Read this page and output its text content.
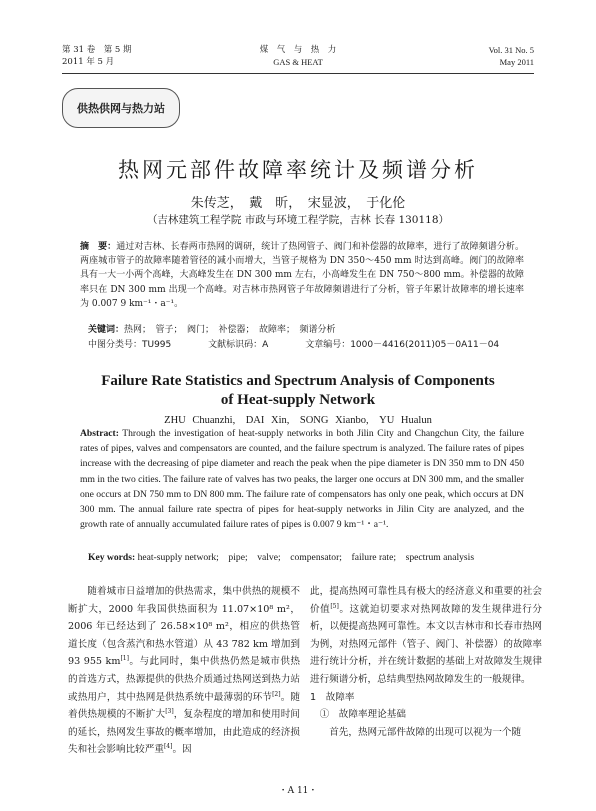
第 31 卷　第 5 期
2011 年 5 月
煤　气　与　热　力
GAS & HEAT
Vol. 31 No. 5
May 2011
供热供网与热力站
热网元部件故障率统计及频谱分析
朱传芝，　戴　昕，　宋显波，　于化伦
（吉林建筑工程学院 市政与环境工程学院，吉林 长春 130118）
摘　要：通过对吉林、长春两市热网的调研，统计了热网管子、阀门和补偿器的故障率，进行了故障频谱分析。两座城市管子的故障率随着管径的减小而增大，当管子规格为 DN 350～450 mm 时达到高峰。阀门的故障率具有一大一小两个高峰，大高峰发生在 DN 300 mm 左右，小高峰发生在 DN 750～800 mm。补偿器的故障率只在 DN 300 mm 出现一个高峰。对吉林市热网管子年故障频谱进行了分析，管子年累计故障率的增长速率为 0.007 9 km⁻¹・a⁻¹。
关键词：热网；　管子；　阀门；　补偿器；　故障率；　频谱分析
中图分类号：TU995	文献标识码：A	文章编号：1000－4416(2011)05－0A11－04
Failure Rate Statistics and Spectrum Analysis of Components
of Heat-supply Network
ZHU Chuanzhi,　DAI Xin,　SONG Xianbo,　YU Hualun
Abstract: Through the investigation of heat-supply networks in both Jilin City and Changchun City, the failure rates of pipes, valves and compensators are counted, and the failure spectrum is analyzed. The failure rates of pipes increase with the decreasing of pipe diameter and reach the peak when the pipe diameter is DN 350 mm to DN 450 mm in the two cities. The failure rate of valves has two peaks, the larger one occurs at DN 300 mm, and the smaller one occurs at DN 750 mm to DN 800 mm. The failure rate of compensators has only one peak, which occurs at DN 300 mm. The annual failure rate spectra of pipes for heat-supply networks in Jilin City are analyzed, and the growth rate of annually accumulated failure rates of pipes is 0.007 9 km⁻¹・a⁻¹.
Key words: heat-supply network;　pipe;　valve;　compensator;　failure rate;　spectrum analysis
随着城市日益增加的供热需求，集中供热的规模不断扩大，2000 年我国供热面积为 11.07×10⁸ m²，2006 年已经达到了 26.58×10⁸ m²，相应的供热管道长度（包含蒸汽和热水管道）从 43 782 km 增加到 93 955 km[1]。与此同时，集中供热仍然是城市供热的首选方式，热源提供的供热介质通过热网送到热力站或热用户，其中热网是供热系统中最薄弱的环节[2]。随着供热规模的不断扩大[3]，复杂程度的增加和使用时间的延长，热网发生事故的概率增加，由此造成的经济损失和社会影响比较严重[4]。因

此，提高热网可靠性具有极大的经济意义和重要的社会价值[5]。这就迫切要求对热网故障的发生规律进行分析，以便提高热网可靠性。本文以吉林市和长春市热网为例，对热网元部件（管子、阀门、补偿器）的故障率进行统计分析，并在统计数据的基础上对故障发生规律进行频谱分析，总结典型热网故障发生的一般规律。

1　故障率

①　故障率理论基础

首先，热网元部件故障的出现可以视为一个随

・A 11・
